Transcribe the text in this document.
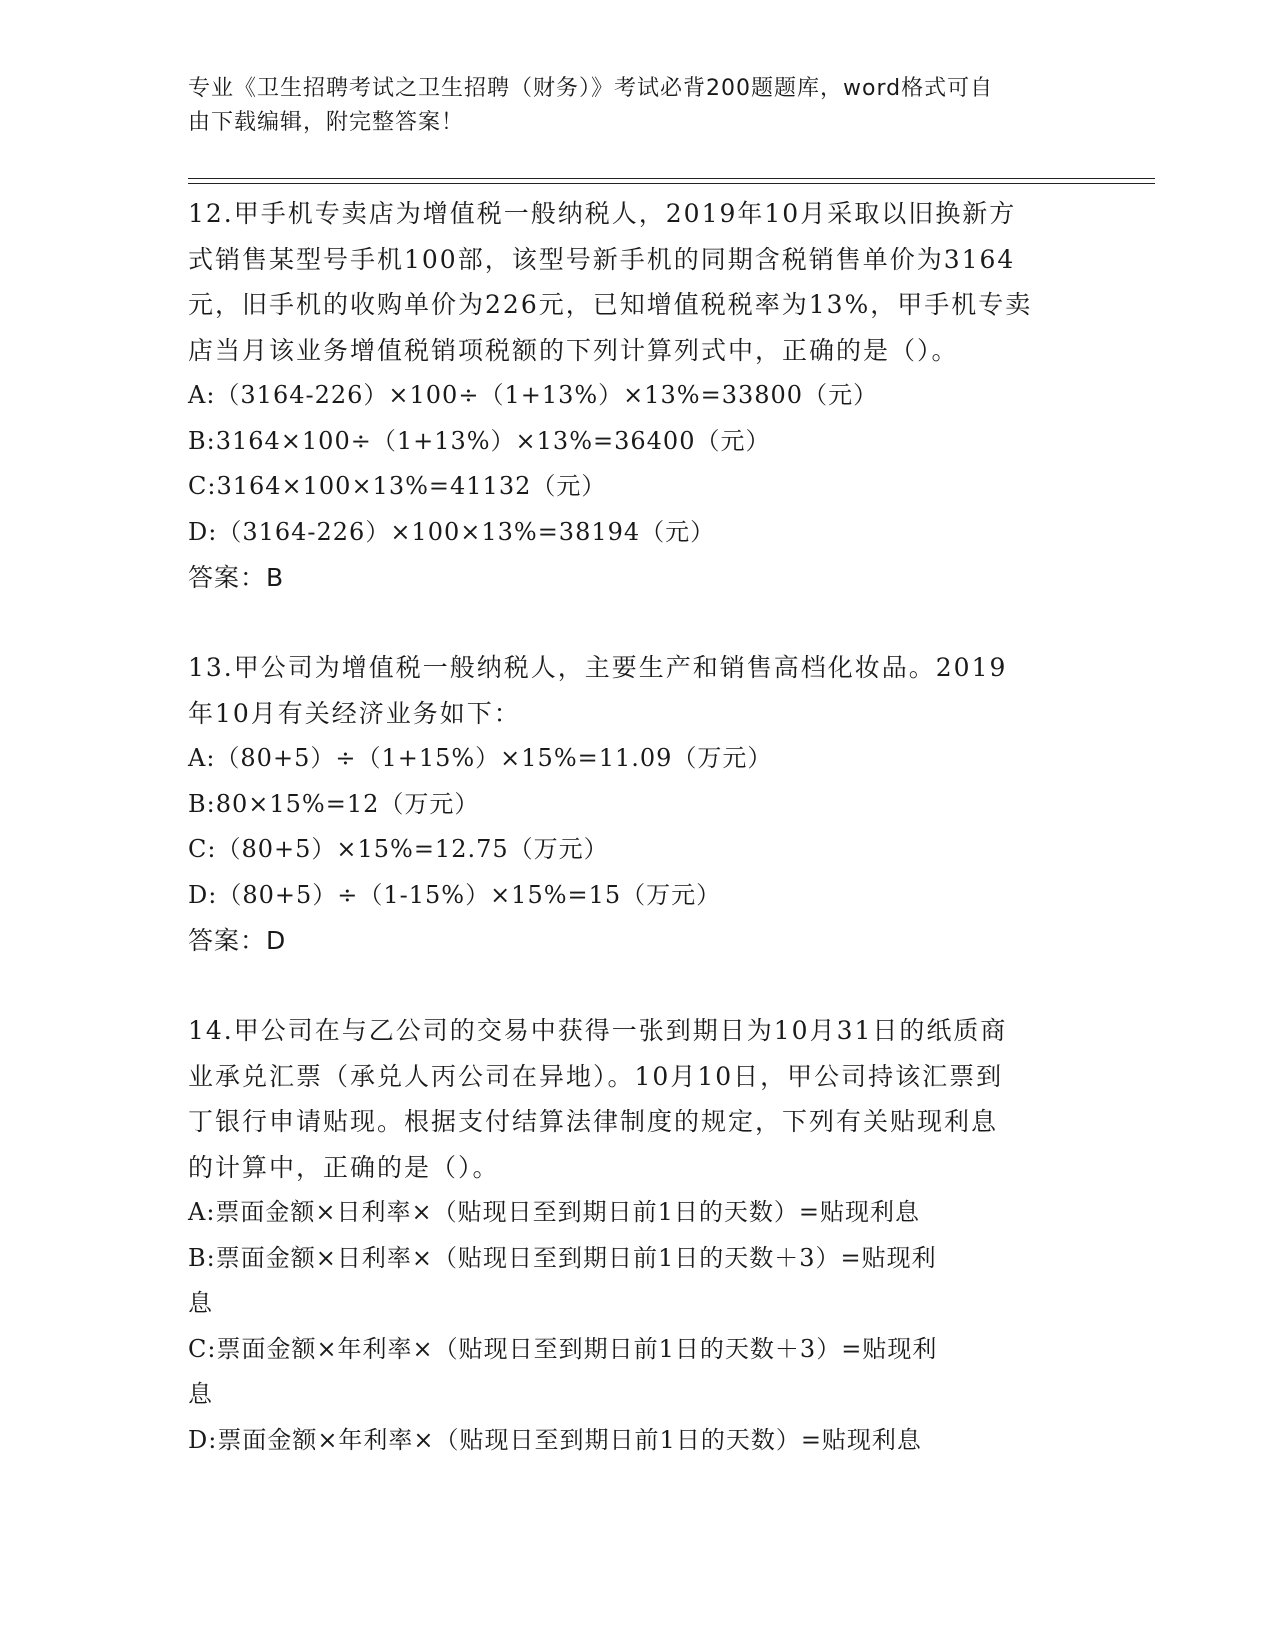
专业《卫生招聘考试之卫生招聘（财务）》考试必背200题题库，word格式可自
由下载编辑，附完整答案！

12.甲手机专卖店为增值税一般纳税人，2019年10月采取以旧换新方

式销售某型号手机100部，该型号新手机的同期含税销售单价为3164

元，旧手机的收购单价为226元，已知增值税税率为13%，甲手机专卖

店当月该业务增值税销项税额的下列计算列式中，正确的是（）。

A:（3164-226）×100÷（1+13%）×13%=33800（元）

B:3164×100÷（1+13%）×13%=36400（元）

C:3164×100×13%=41132（元）

D:（3164-226）×100×13%=38194（元）

答案：B

13.甲公司为增值税一般纳税人，主要生产和销售高档化妆品。2019

年10月有关经济业务如下：

A:（80+5）÷（1+15%）×15%=11.09（万元）

B:80×15%=12（万元）

C:（80+5）×15%=12.75（万元）

D:（80+5）÷（1-15%）×15%=15（万元）

答案：D

14.甲公司在与乙公司的交易中获得一张到期日为10月31日的纸质商

业承兑汇票（承兑人丙公司在异地）。10月10日，甲公司持该汇票到

丁银行申请贴现。根据支付结算法律制度的规定，下列有关贴现利息

的计算中，正确的是（）。

A:票面金额×日利率×（贴现日至到期日前1日的天数）=贴现利息

B:票面金额×日利率×（贴现日至到期日前1日的天数＋3）=贴现利

息

C:票面金额×年利率×（贴现日至到期日前1日的天数＋3）=贴现利

息

D:票面金额×年利率×（贴现日至到期日前1日的天数）=贴现利息
